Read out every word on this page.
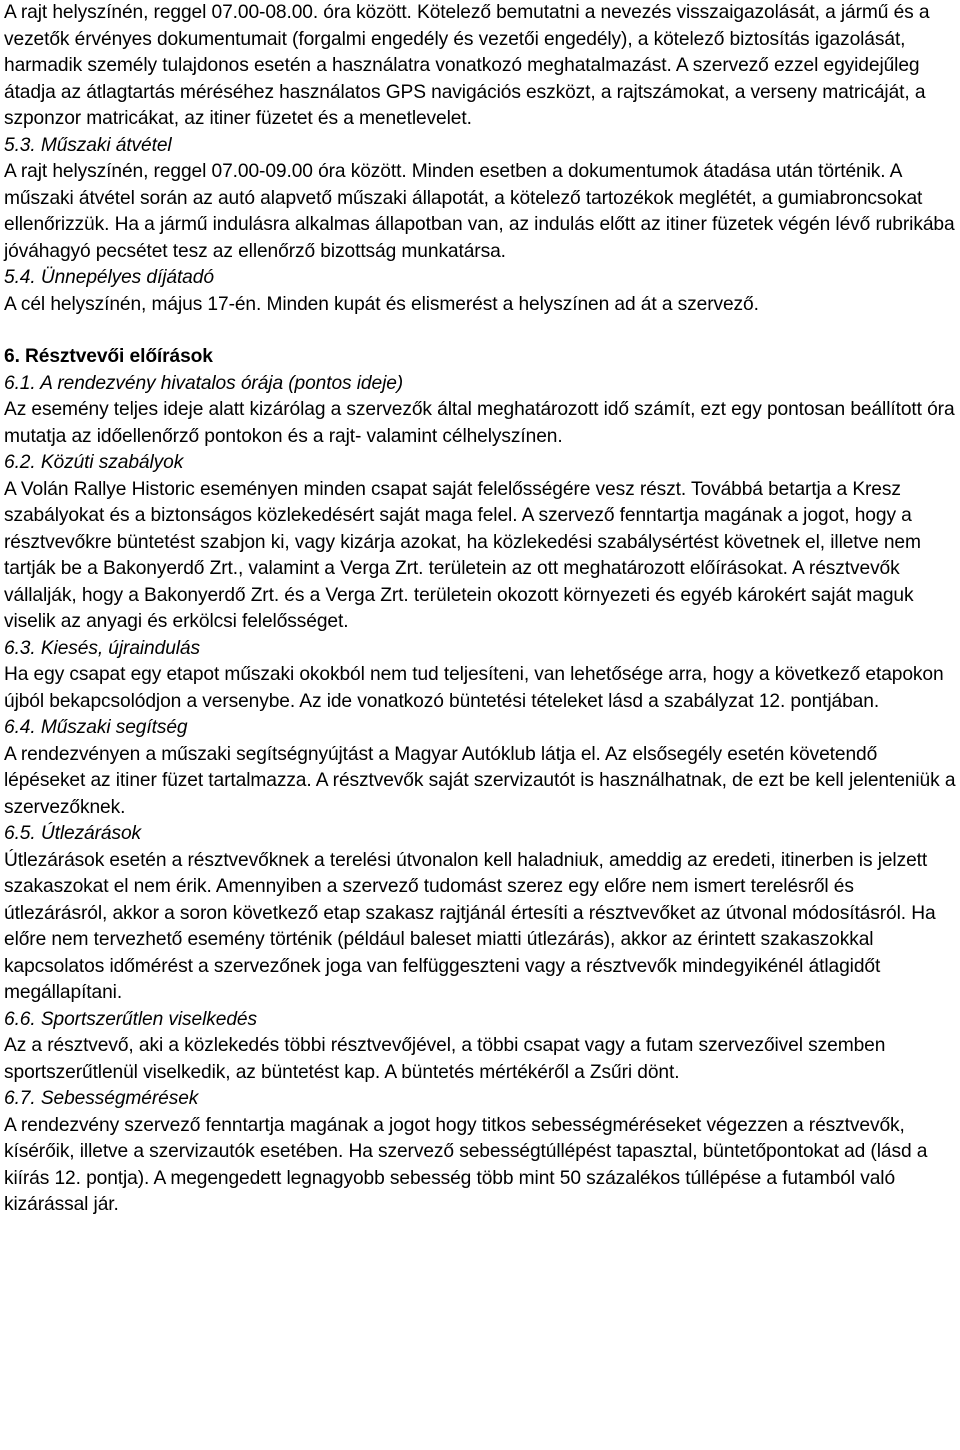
A rajt helyszínén, reggel 07.00-08.00. óra között. Kötelező bemutatni a nevezés visszaigazolását, a jármű és a vezetők érvényes dokumentumait (forgalmi engedély és vezetői engedély), a kötelező biztosítás igazolását, harmadik személy tulajdonos esetén a használatra vonatkozó meghatalmazást. A szervező ezzel egyidejűleg átadja az átlagtartás méréséhez használatos GPS navigációs eszközt, a rajtszámokat, a verseny matricáját, a szponzor matricákat, az itiner füzetet és a menetlevelet.

5.3. Műszaki átvétel

A rajt helyszínén, reggel 07.00-09.00 óra között. Minden esetben a dokumentumok átadása után történik. A műszaki átvétel során az autó alapvető műszaki állapotát, a kötelező tartozékok meglétét, a gumiabroncsokat ellenőrizzük. Ha a jármű indulásra alkalmas állapotban van, az indulás előtt az itiner füzetek végén lévő rubrikába jóváhagyó pecsétet tesz az ellenőrző bizottság munkatársa.

5.4. Ünnepélyes díjátadó

A cél helyszínén, május 17-én. Minden kupát és elismerést a helyszínen ad át a szervező.

6. Résztvevői előírások

6.1. A rendezvény hivatalos órája (pontos ideje)

Az esemény teljes ideje alatt kizárólag a szervezők által meghatározott idő számít, ezt egy pontosan beállított óra mutatja az időellenőrző pontokon és a rajt- valamint célhelyszínen.

6.2. Közúti szabályok

A Volán Rallye Historic eseményen minden csapat saját felelősségére vesz részt. Továbbá betartja a Kresz szabályokat és a biztonságos közlekedésért saját maga felel. A szervező fenntartja magának a jogot, hogy a résztvevőkre büntetést szabjon ki, vagy kizárja azokat, ha közlekedési szabálysértést követnek el, illetve nem tartják be a Bakonyerdő Zrt., valamint a Verga Zrt. területein az ott meghatározott előírásokat. A résztvevők vállalják, hogy a Bakonyerdő Zrt. és a Verga Zrt. területein okozott környezeti és egyéb károkért saját maguk viselik az anyagi és erkölcsi felelősséget.

6.3. Kiesés, újraindulás

Ha egy csapat egy etapot műszaki okokból nem tud teljesíteni, van lehetősége arra, hogy a következő etapokon újból bekapcsolódjon a versenybe. Az ide vonatkozó büntetési tételeket lásd a szabályzat 12. pontjában.

6.4. Műszaki segítség

A rendezvényen a műszaki segítségnyújtást a Magyar Autóklub látja el. Az elsősegély esetén követendő lépéseket az itiner füzet tartalmazza. A résztvevők saját szervizautót is használhatnak, de ezt be kell jelenteniük a szervezőknek.

6.5. Útlezárások

Útlezárások esetén a résztvevőknek a terelési útvonalon kell haladniuk, ameddig az eredeti, itinerben is jelzett szakaszokat el nem érik. Amennyiben a szervező tudomást szerez egy előre nem ismert terelésről és útlezárásról, akkor a soron következő etap szakasz rajtjánál értesíti a résztvevőket az útvonal módosításról. Ha előre nem tervezhető esemény történik (például baleset miatti útlezárás), akkor az érintett szakaszokkal kapcsolatos időmérést a szervezőnek joga van felfüggeszteni vagy a résztvevők mindegyikénél átlagidőt megállapítani.

6.6. Sportszerűtlen viselkedés

Az a résztvevő, aki a közlekedés többi résztvevőjével, a többi csapat vagy a futam szervezőivel szemben sportszerűtlenül viselkedik, az büntetést kap. A büntetés mértékéről a Zsűri dönt.

6.7. Sebességmérések

A rendezvény szervező fenntartja magának a jogot hogy titkos sebességméréseket végezzen a résztvevők, kísérőik, illetve a szervizautók esetében. Ha szervező sebességtúllépést tapasztal, büntetőpontokat ad (lásd a kiírás 12. pontja). A megengedett legnagyobb sebesség több mint 50 százalékos túllépése a futamból való kizárással jár.
